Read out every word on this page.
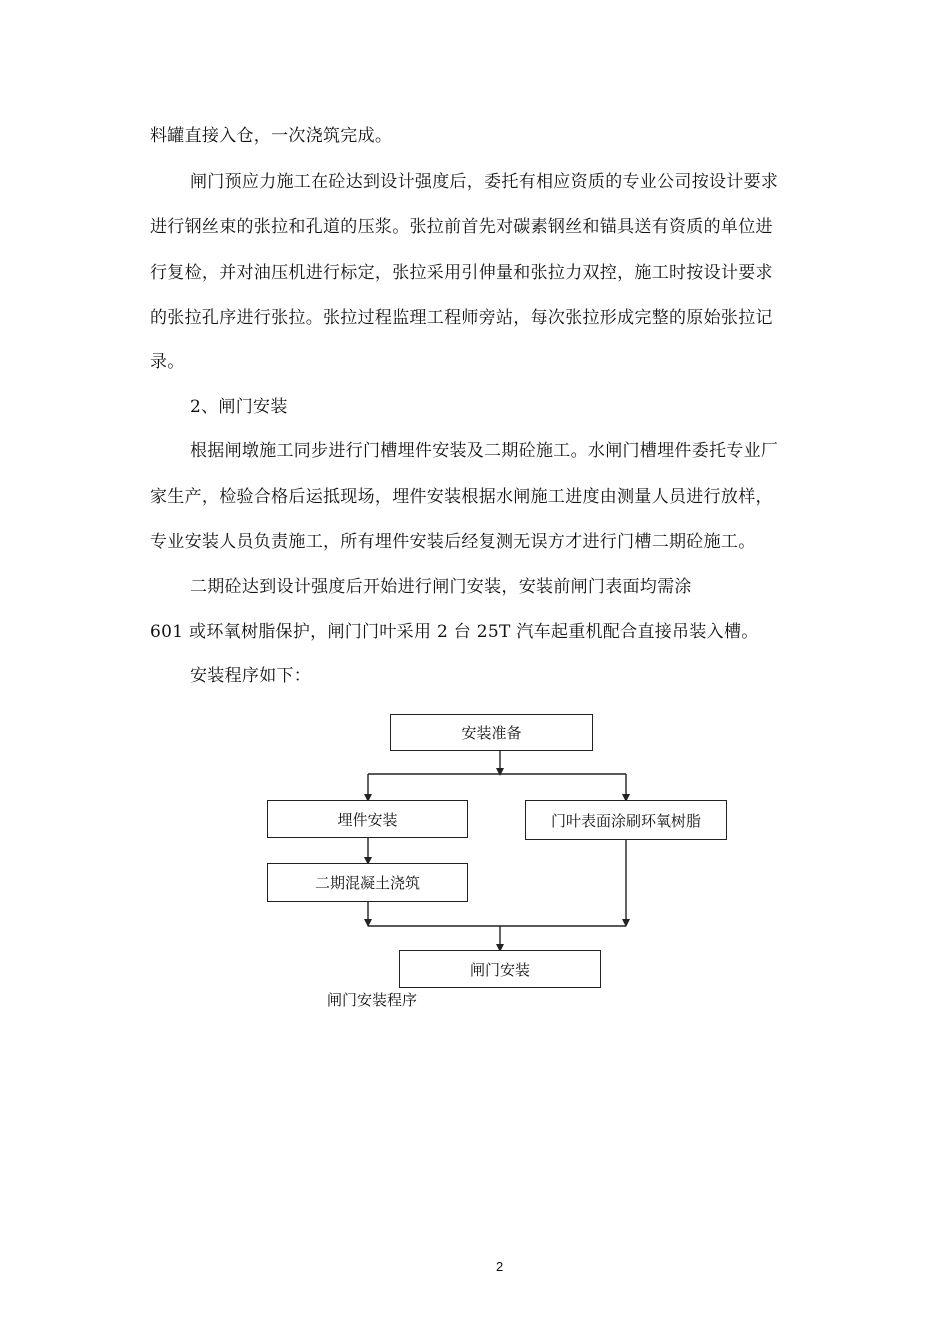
料罐直接入仓，一次浇筑完成。
闸门预应力施工在砼达到设计强度后，委托有相应资质的专业公司按设计要求
进行钢丝束的张拉和孔道的压浆。张拉前首先对碳素钢丝和锚具送有资质的单位进
行复检，并对油压机进行标定，张拉采用引伸量和张拉力双控，施工时按设计要求
的张拉孔序进行张拉。张拉过程监理工程师旁站，每次张拉形成完整的原始张拉记
录。
2、闸门安装
根据闸墩施工同步进行门槽埋件安装及二期砼施工。水闸门槽埋件委托专业厂
家生产，检验合格后运抵现场，埋件安装根据水闸施工进度由测量人员进行放样，
专业安装人员负责施工，所有埋件安装后经复测无误方才进行门槽二期砼施工。
二期砼达到设计强度后开始进行闸门安装，安装前闸门表面均需涂
601 或环氧树脂保护，闸门门叶采用 2 台 25T 汽车起重机配合直接吊装入槽。
安装程序如下：
安装准备
埋件安装	门叶表面涂刷环氧树脂
二期混凝土浇筑
闸门安装
闸门安装程序
2
